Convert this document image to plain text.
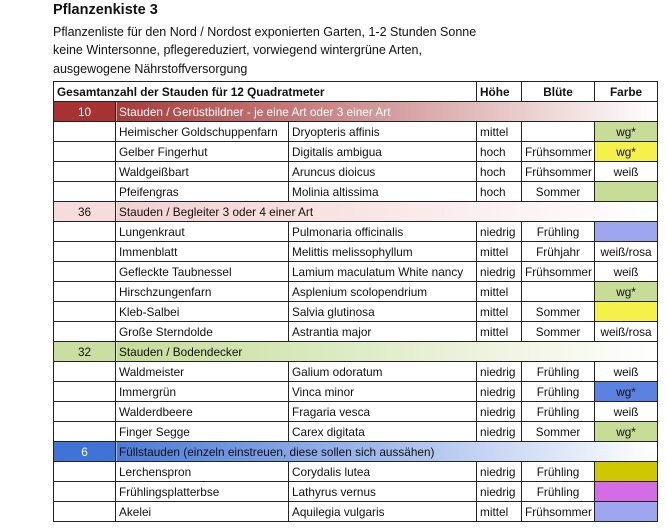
Pflanzenkiste 3
Pflanzenliste für den Nord / Nordost exponierten Garten, 1-2 Stunden Sonne
keine Wintersonne, pflegereduziert, vorwiegend wintergrüne Arten,
ausgewogene Nährstoffversorgung
Gesamtanzahl der Stauden für 12 Quadratmeter			Höhe	Blüte	Farbe
10	Stauden / Gerüstbildner - je eine Art oder 3 einer Art				
	Heimischer Goldschuppenfarn	Dryopteris affinis	mittel		wg*
	Gelber Fingerhut	Digitalis ambigua	hoch	Frühsommer	wg*
	Waldgeißbart	Aruncus dioicus	hoch	Frühsommer	weiß
	Pfeifengras	Molinia altissima	hoch	Sommer	
36	Stauden / Begleiter 3 oder 4 einer Art				
	Lungenkraut	Pulmonaria officinalis	niedrig	Frühling	
	Immenblatt	Melittis melissophyllum	mittel	Frühjahr	weiß/rosa
	Gefleckte Taubnessel	Lamium maculatum White nancy	niedrig	Frühsommer	weiß
	Hirschzungenfarn	Asplenium scolopendrium	mittel		wg*
	Kleb-Salbei	Salvia glutinosa	mittel	Sommer	
	Große Sterndolde	Astrantia major	mittel	Sommer	weiß/rosa
32	Stauden / Bodendecker				
	Waldmeister	Galium odoratum	niedrig	Frühling	weiß
	Immergrün	Vinca minor	niedrig	Frühling	wg*
	Walderdbeere	Fragaria vesca	niedrig	Frühling	weiß
	Finger Segge	Carex digitata	niedrig	Sommer	wg*
6	Füllstauden (einzeln einstreuen, diese sollen sich aussähen)				
	Lerchenspron	Corydalis lutea	niedrig	Frühling	
	Frühlingsplatterbse	Lathyrus vernus	niedrig	Frühling	
	Akelei	Aquilegia vulgaris	mittel	Frühsommer	
